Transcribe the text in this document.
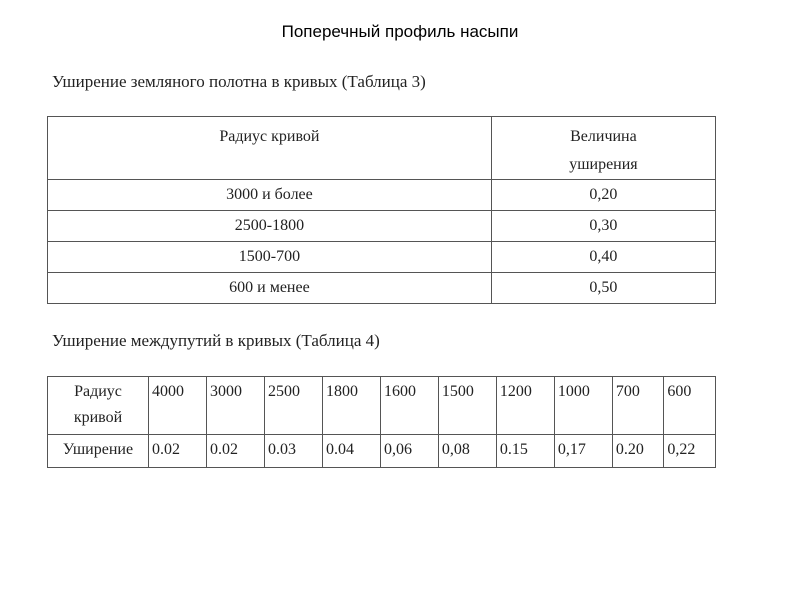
Поперечный профиль насыпи
Уширение земляного полотна в кривых (Таблица 3)
Радиус кривой	Величина
уширения
3000 и более	0,20
2500-1800	0,30
1500-700	0,40
600 и менее	0,50
Уширение междупутий в кривых (Таблица 4)
Радиус
кривой	4000	3000	2500	1800	1600	1500	1200	1000	700	600
Уширение	0.02	0.02	0.03	0.04	0,06	0,08	0.15	0,17	0.20	0,22
